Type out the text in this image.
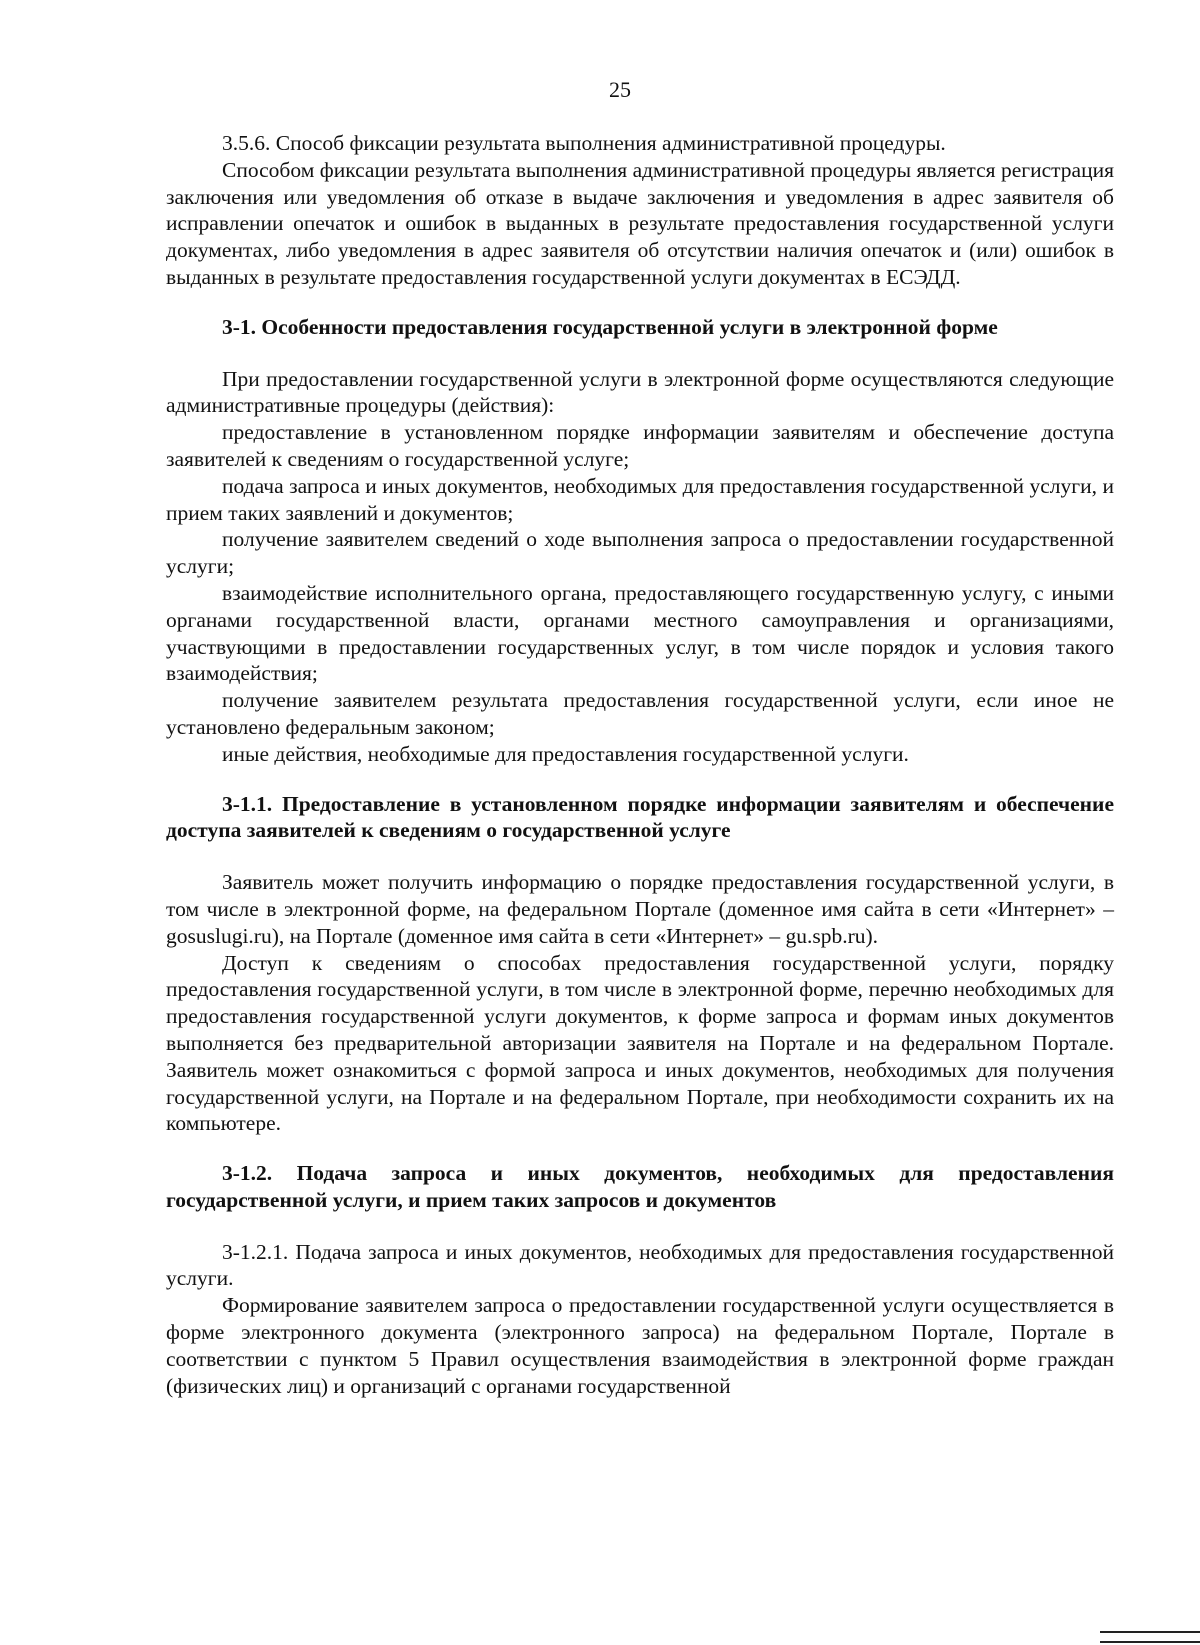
25

3.5.6. Способ фиксации результата выполнения административной процедуры.

Способом фиксации результата выполнения административной процедуры является регистрация заключения или уведомления об отказе в выдаче заключения и уведомления в адрес заявителя об исправлении опечаток и ошибок в выданных в результате предоставления государственной услуги документах, либо уведомления в адрес заявителя об отсутствии наличия опечаток и (или) ошибок в выданных в результате предоставления государственной услуги документах в ЕСЭДД.

3-1. Особенности предоставления государственной услуги в электронной форме

При предоставлении государственной услуги в электронной форме осуществляются следующие административные процедуры (действия):

предоставление в установленном порядке информации заявителям и обеспечение доступа заявителей к сведениям о государственной услуге;

подача запроса и иных документов, необходимых для предоставления государственной услуги, и прием таких заявлений и документов;

получение заявителем сведений о ходе выполнения запроса о предоставлении государственной услуги;

взаимодействие исполнительного органа, предоставляющего государственную услугу, с иными органами государственной власти, органами местного самоуправления и организациями, участвующими в предоставлении государственных услуг, в том числе порядок и условия такого взаимодействия;

получение заявителем результата предоставления государственной услуги, если иное не установлено федеральным законом;

иные действия, необходимые для предоставления государственной услуги.

3-1.1. Предоставление в установленном порядке информации заявителям и обеспечение доступа заявителей к сведениям о государственной услуге

Заявитель может получить информацию о порядке предоставления государственной услуги, в том числе в электронной форме, на федеральном Портале (доменное имя сайта в сети «Интернет» – gosuslugi.ru), на Портале (доменное имя сайта в сети «Интернет» – gu.spb.ru).

Доступ к сведениям о способах предоставления государственной услуги, порядку предоставления государственной услуги, в том числе в электронной форме, перечню необходимых для предоставления государственной услуги документов, к форме запроса и формам иных документов выполняется без предварительной авторизации заявителя на Портале и на федеральном Портале. Заявитель может ознакомиться с формой запроса и иных документов, необходимых для получения государственной услуги, на Портале и на федеральном Портале, при необходимости сохранить их на компьютере.

3-1.2. Подача запроса и иных документов, необходимых для предоставления государственной услуги, и прием таких запросов и документов

3-1.2.1. Подача запроса и иных документов, необходимых для предоставления государственной услуги.

Формирование заявителем запроса о предоставлении государственной услуги осуществляется в форме электронного документа (электронного запроса) на федеральном Портале, Портале в соответствии с пунктом 5 Правил осуществления взаимодействия в электронной форме граждан (физических лиц) и организаций с органами государственной
